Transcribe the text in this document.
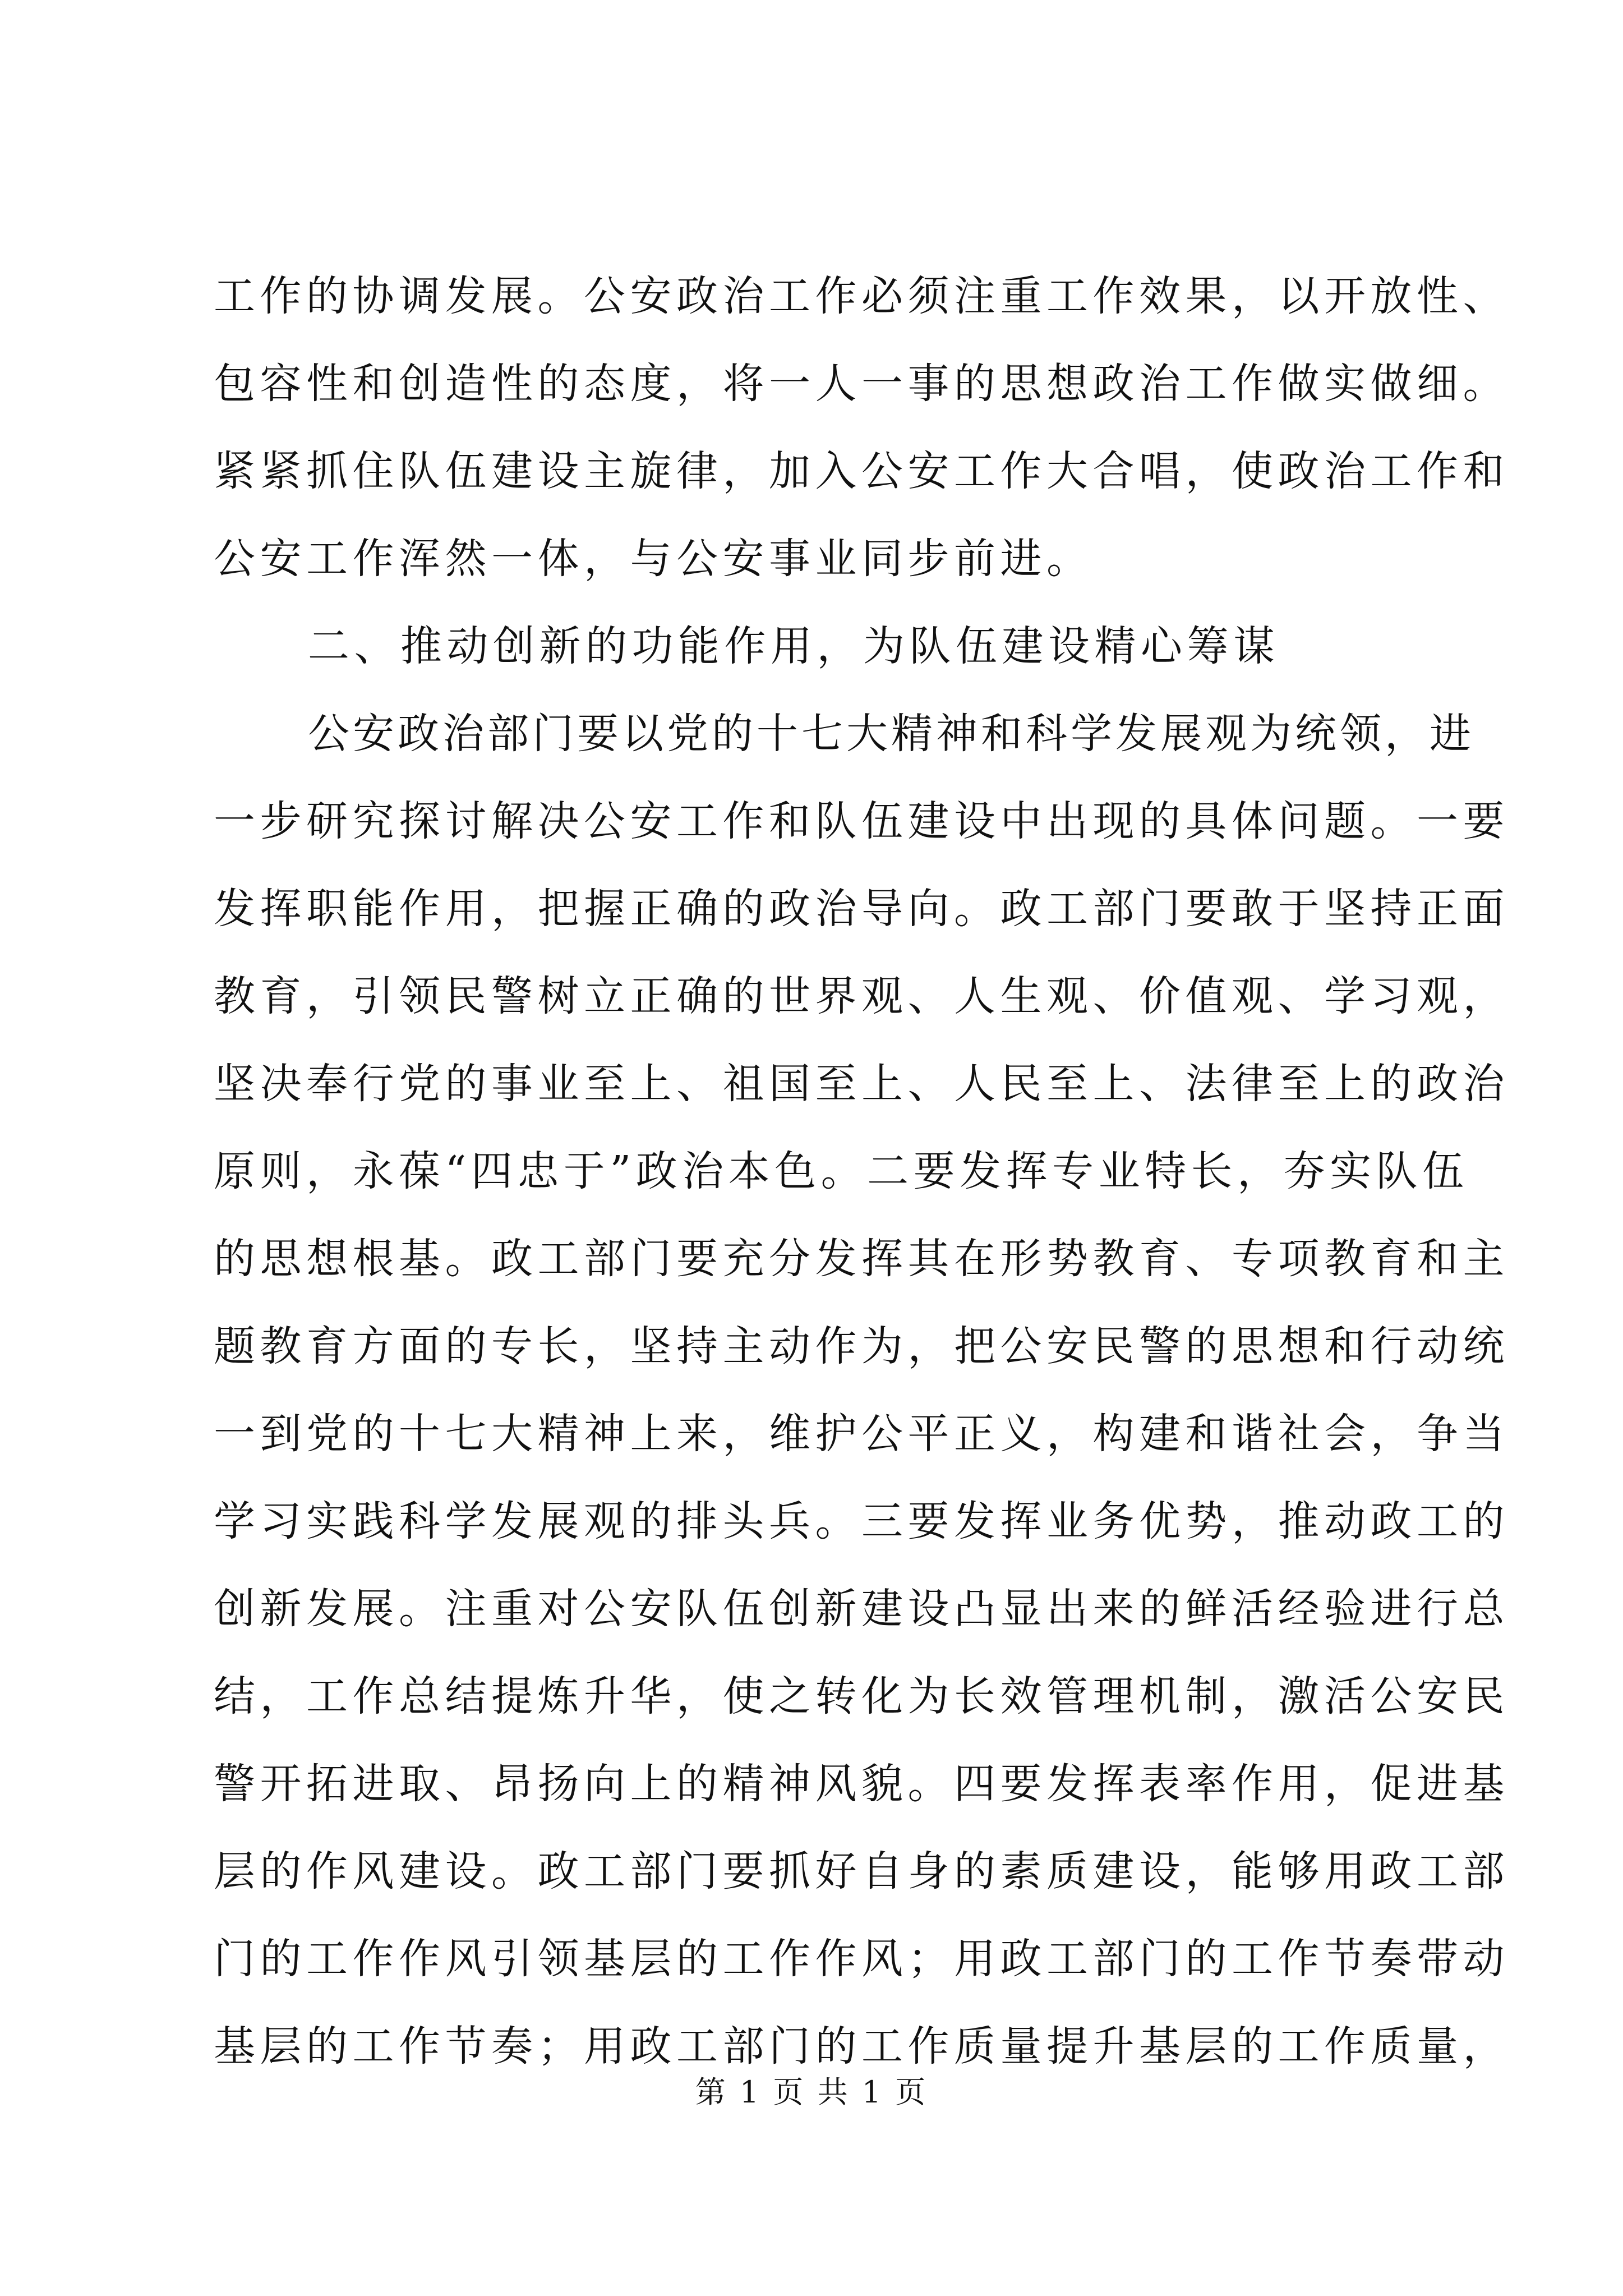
工作的协调发展。公安政治工作必须注重工作效果，以开放性、
包容性和创造性的态度，将一人一事的思想政治工作做实做细。
紧紧抓住队伍建设主旋律，加入公安工作大合唱，使政治工作和
公安工作浑然一体，与公安事业同步前进。
二、推动创新的功能作用，为队伍建设精心筹谋
公安政治部门要以党的十七大精神和科学发展观为统领，进
一步研究探讨解决公安工作和队伍建设中出现的具体问题。一要
发挥职能作用，把握正确的政治导向。政工部门要敢于坚持正面
教育，引领民警树立正确的世界观、人生观、价值观、学习观，
坚决奉行党的事业至上、祖国至上、人民至上、法律至上的政治
原则，永葆“四忠于”政治本色。二要发挥专业特长，夯实队伍
的思想根基。政工部门要充分发挥其在形势教育、专项教育和主
题教育方面的专长，坚持主动作为，把公安民警的思想和行动统
一到党的十七大精神上来，维护公平正义，构建和谐社会，争当
学习实践科学发展观的排头兵。三要发挥业务优势，推动政工的
创新发展。注重对公安队伍创新建设凸显出来的鲜活经验进行总
结，工作总结提炼升华，使之转化为长效管理机制，激活公安民
警开拓进取、昂扬向上的精神风貌。四要发挥表率作用，促进基
层的作风建设。政工部门要抓好自身的素质建设，能够用政工部
门的工作作风引领基层的工作作风；用政工部门的工作节奏带动
基层的工作节奏；用政工部门的工作质量提升基层的工作质量，
第 1 页 共 1 页
